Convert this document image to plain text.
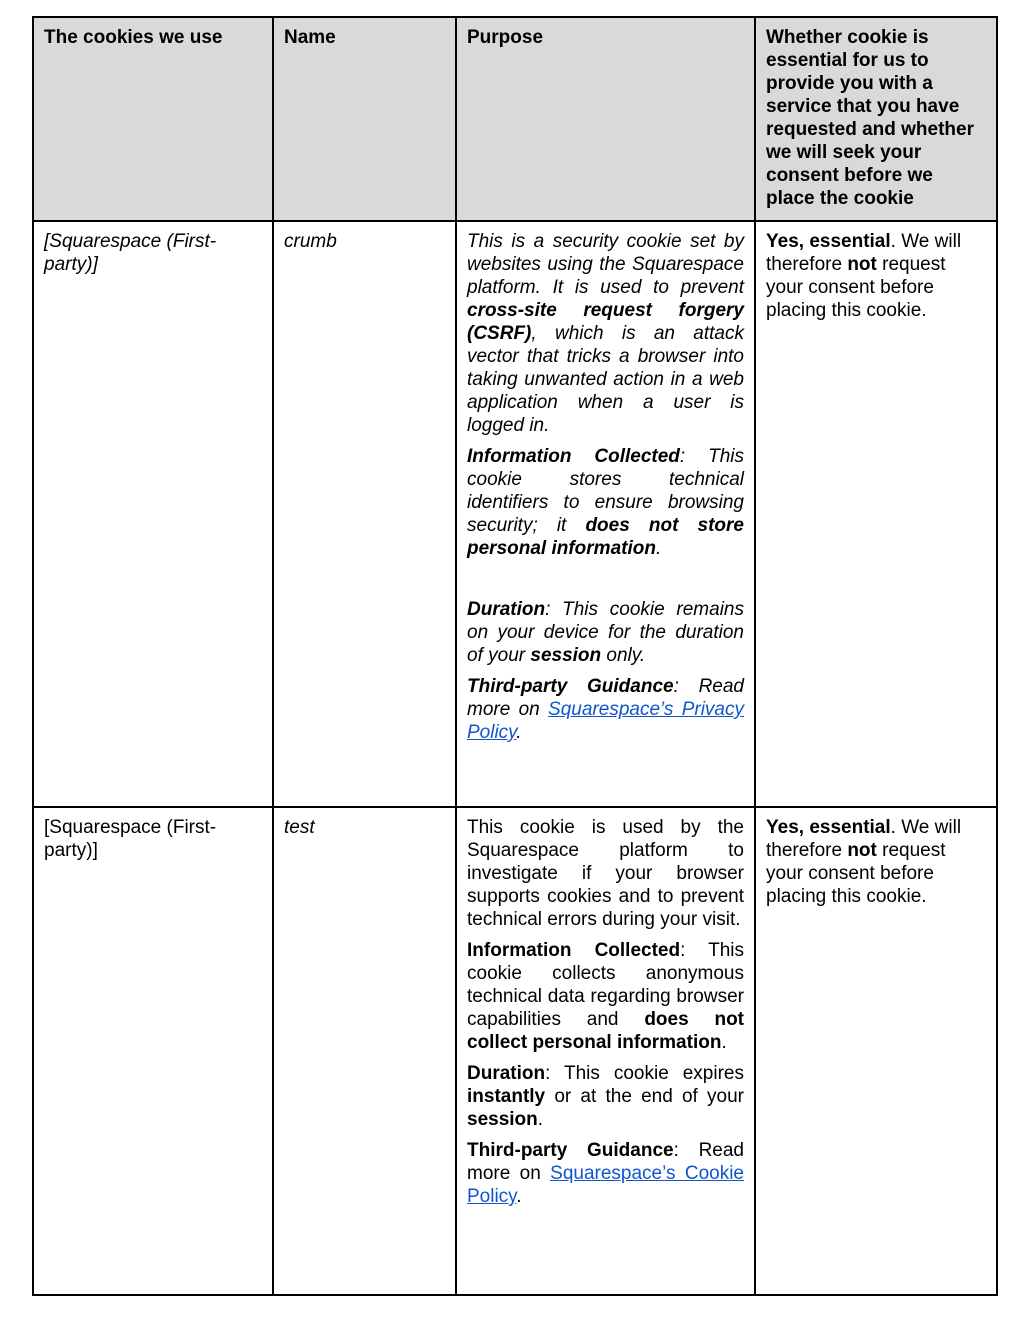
The cookies we use	Name	Purpose	Whether cookie is essential for us to provide you with a service that you have requested and whether we will seek your consent before we place the cookie
[Squarespace (First-party)]	crumb	This is a security cookie set by websites using the Squarespace platform. It is used to prevent cross-site request forgery (CSRF), which is an attack vector that tricks a browser into taking unwanted action in a web application when a user is logged in.

Information Collected: This cookie stores technical identifiers to ensure browsing security; it does not store personal information.

Duration: This cookie remains on your device for the duration of your session only.

Third-party Guidance: Read more on Squarespace’s Privacy Policy.	Yes, essential. We will therefore not request your consent before placing this cookie.
[Squarespace (First-party)]	test	This cookie is used by the Squarespace platform to investigate if your browser supports cookies and to prevent technical errors during your visit.

Information Collected: This cookie collects anonymous technical data regarding browser capabilities and does not collect personal information.

Duration: This cookie expires instantly or at the end of your session.

Third-party Guidance: Read more on Squarespace’s Cookie Policy.	Yes, essential. We will therefore not request your consent before placing this cookie.
